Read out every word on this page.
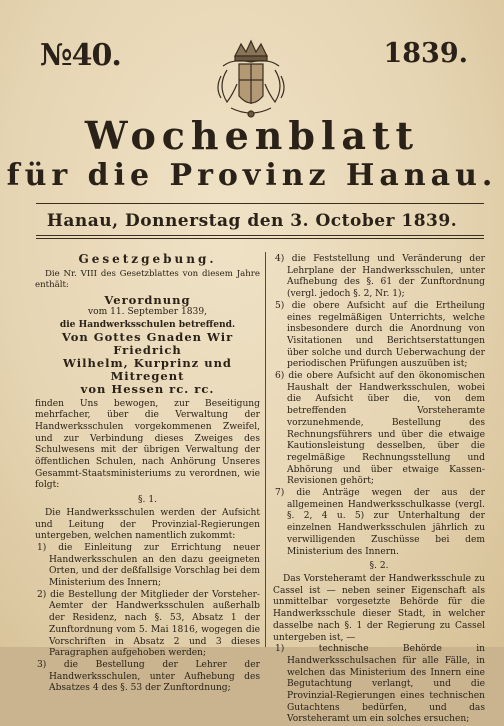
№40.	1839.
Wochenblatt
für die Provinz Hanau.
Hanau, Donnerstag den 3. October 1839.
Gesetzgebung.

Die Nr. VIII des Gesetzblattes von diesem Jahre enthält:

Verordnung
vom 11. September 1839,
die Handwerksschulen betreffend.
Von Gottes Gnaden Wir Friedrich
Wilhelm, Kurprinz und Mitregent
von Hessen rc. rc.

finden Uns bewogen, zur Beseitigung mehrfacher, über die Verwaltung der Handwerksschulen vorgekommenen Zweifel, und zur Verbindung dieses Zweiges des Schulwesens mit der übrigen Verwaltung der öffentlichen Schulen, nach Anhörung Unseres Gesammt-Staatsministeriums zu verordnen, wie folgt:

§. 1.

Die Handwerksschulen werden der Aufsicht und Leitung der Provinzial-Regierungen untergeben, welchen namentlich zukommt:

1) die Einleitung zur Errichtung neuer Handwerksschulen an den dazu geeigneten Orten, und der deßfallsige Vorschlag bei dem Ministerium des Innern;

2) die Bestellung der Mitglieder der Vorsteher-Aemter der Handwerksschulen außerhalb der Residenz, nach §. 53, Absatz 1 der Zunftordnung vom 5. Mai 1816, wogegen die Vorschriften in Absatz 2 und 3 dieses Paragraphen aufgehoben werden;

3) die Bestellung der Lehrer der Handwerksschulen, unter Aufhebung des Absatzes 4 des §. 53 der Zunftordnung;

4) die Feststellung und Veränderung der Lehrplane der Handwerksschulen, unter Aufhebung des §. 61 der Zunftordnung (vergl. jedoch §. 2, Nr. 1);

5) die obere Aufsicht auf die Ertheilung eines regelmäßigen Unterrichts, welche insbesondere durch die Anordnung von Visitationen und Berichtserstattungen über solche und durch Ueberwachung der periodischen Prüfungen auszuüben ist;

6) die obere Aufsicht auf den ökonomischen Haushalt der Handwerksschulen, wobei die Aufsicht über die, von dem betreffenden Vorsteheramte vorzunehmende, Bestellung des Rechnungsführers und über die etwaige Kautionsleistung desselben, über die regelmäßige Rechnungsstellung und Abhörung und über etwaige Kassen-Revisionen gehört;

7) die Anträge wegen der aus der allgemeinen Handwerksschulkasse (vergl. §. 2, 4 u. 5) zur Unterhaltung der einzelnen Handwerksschulen jährlich zu verwilligenden Zuschüsse bei dem Ministerium des Innern.

§. 2.

Das Vorsteheramt der Handwerksschule zu Cassel ist — neben seiner Eigenschaft als unmittelbar vorgesetzte Behörde für die Handwerksschule dieser Stadt, in welcher dasselbe nach §. 1 der Regierung zu Cassel untergeben ist, —

1) technische Behörde in Handwerksschulsachen für alle Fälle, in welchen das Ministerium des Innern eine Begutachtung verlangt, und die Provinzial-Regierungen eines technischen Gutachtens bedürfen, und das Vorsteheramt um ein solches ersuchen;
